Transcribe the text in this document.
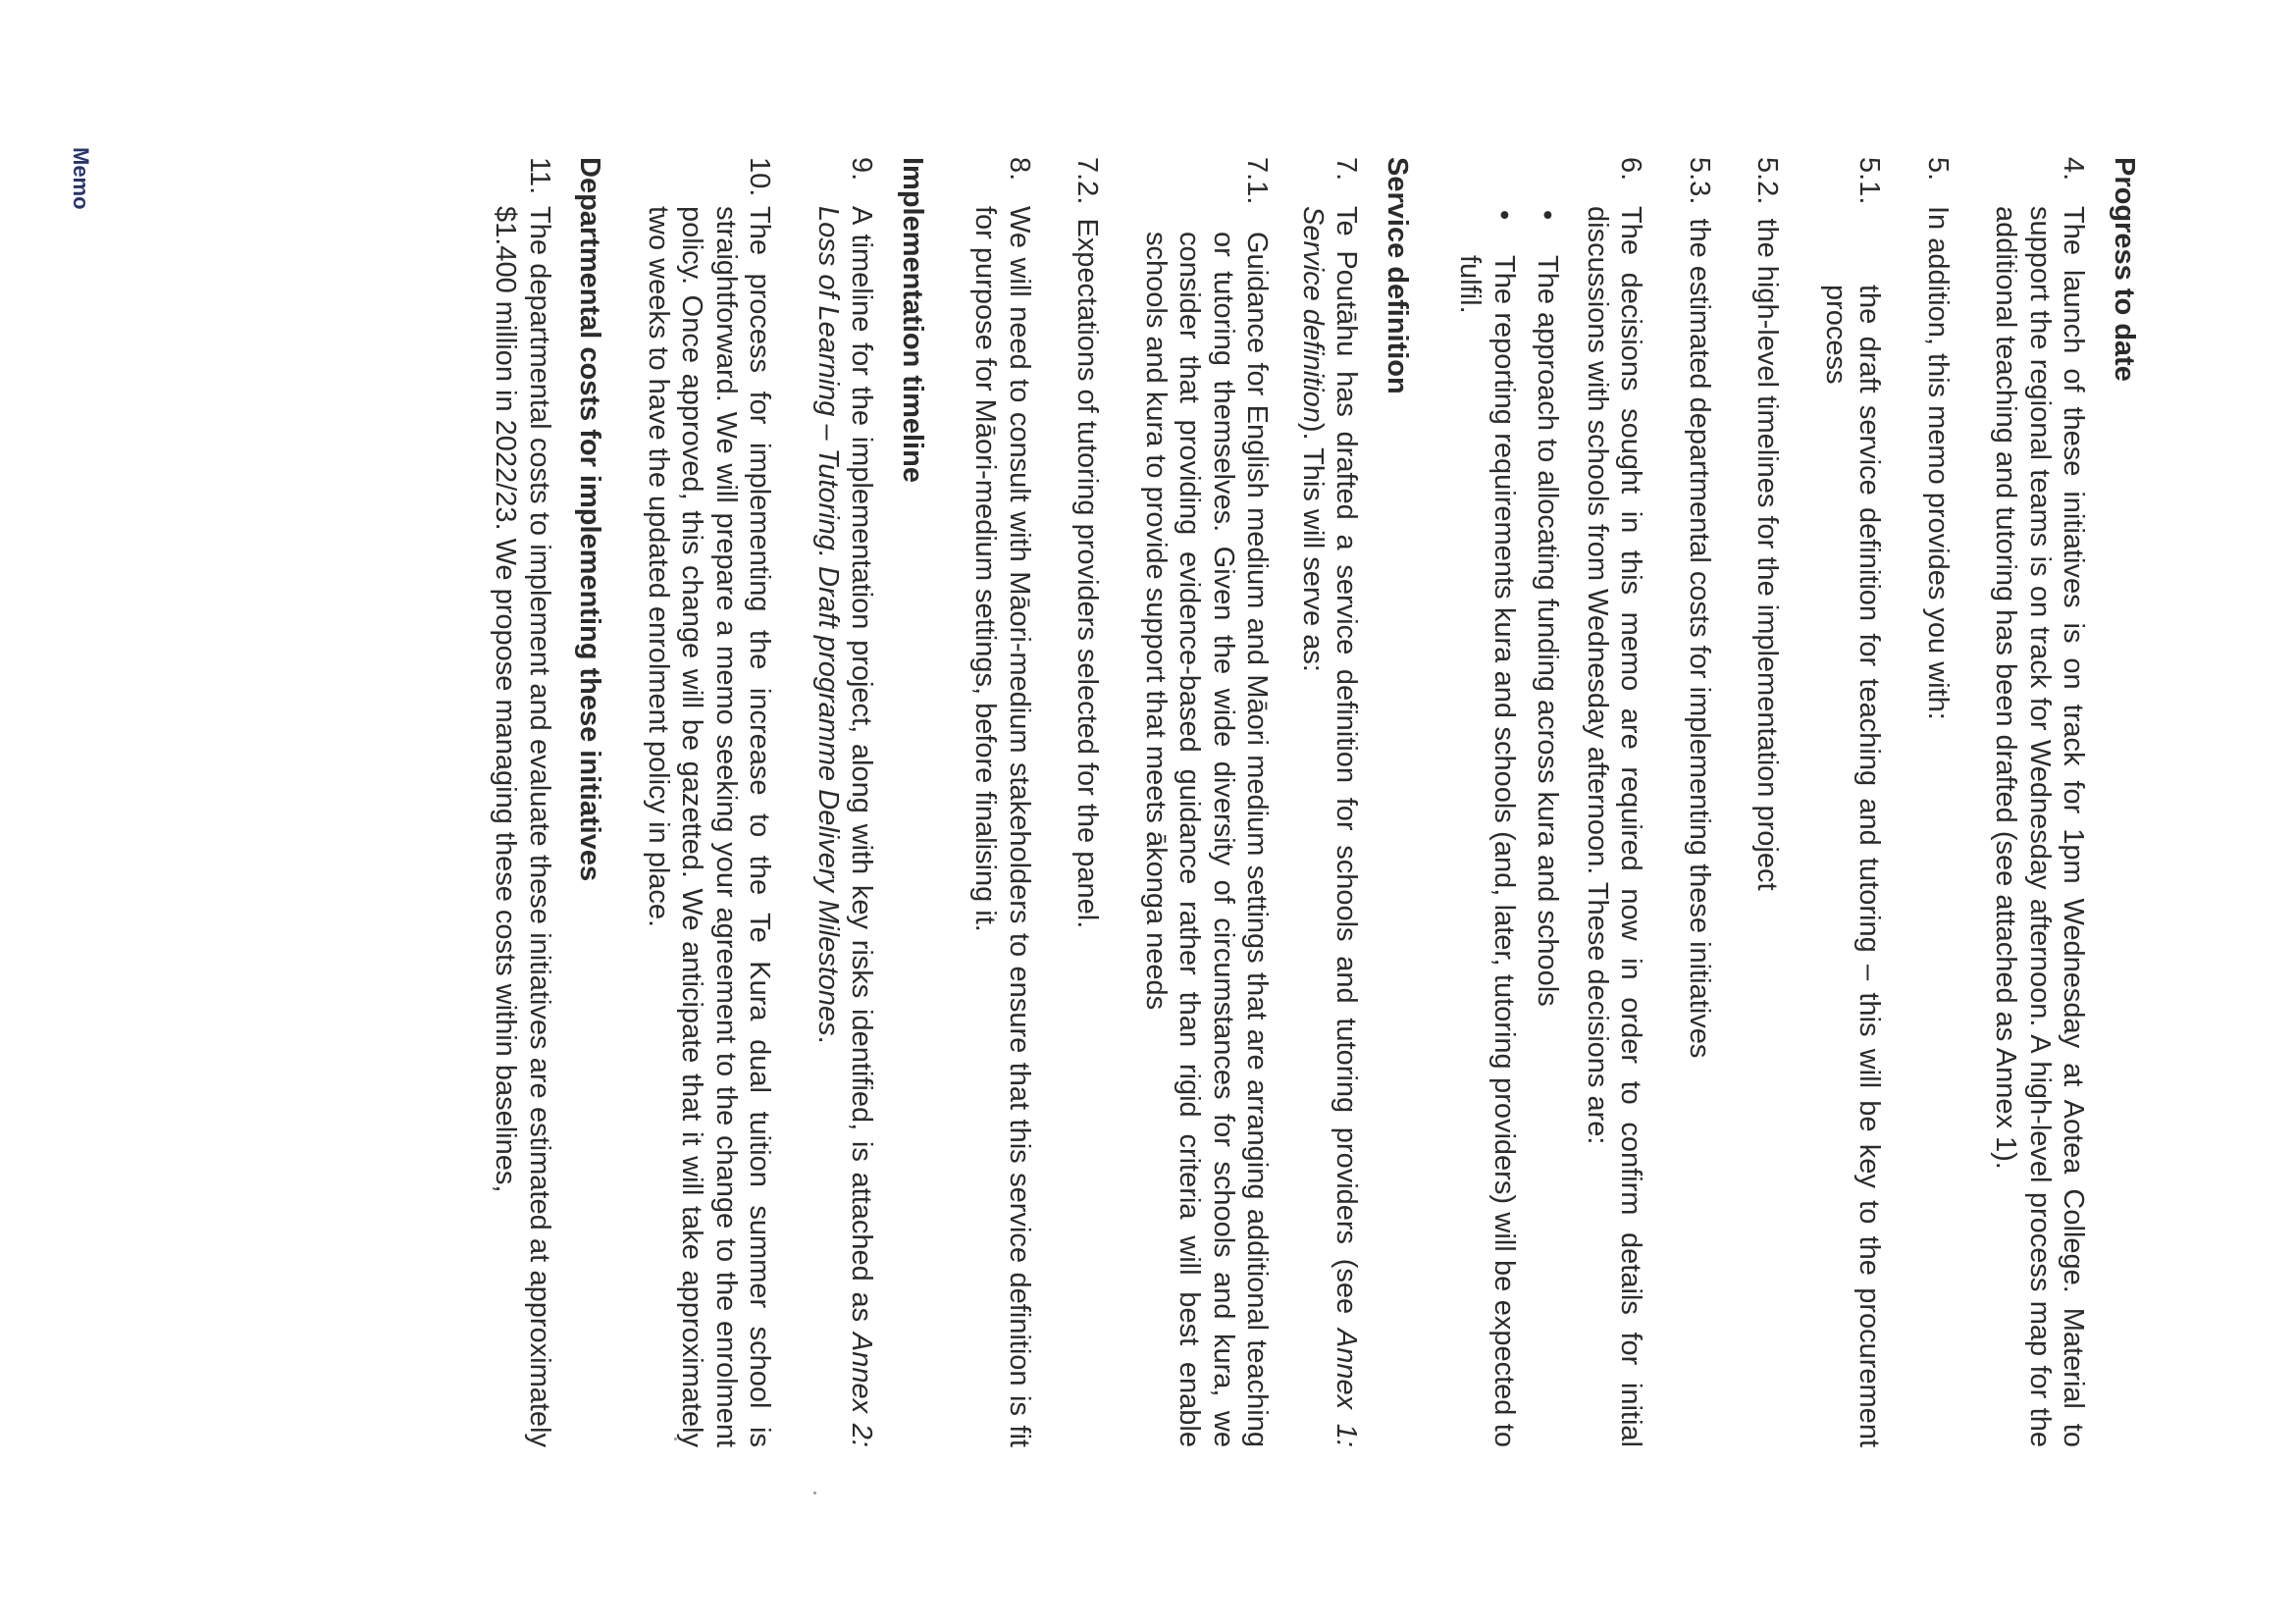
Memo	Progress to date
4.
The launch of these initiatives is on track for 1pm Wednesday at Aotea College. Material to support the regional teams is on track for Wednesday afternoon. A high-level process map for the additional teaching and tutoring has been drafted (see attached as Annex 1).
5.
In addition, this memo provides you with:
5.1.
the draft service definition for teaching and tutoring – this will be key to the procurement process
5.2. the high-level timelines for the implementation project
5.3. the estimated departmental costs for implementing these initiatives
6.
The decisions sought in this memo are required now in order to confirm details for initial discussions with schools from Wednesday afternoon. These decisions are:
•
The approach to allocating funding across kura and schools
•
The reporting requirements kura and schools (and, later, tutoring providers) will be expected to fulfil.
Service definition
7.
Te Poutāhu has drafted a service definition for schools and tutoring providers (see Annex 1: Service definition). This will serve as:
7.1.
Guidance for English medium and Māori medium settings that are arranging additional teaching or tutoring themselves. Given the wide diversity of circumstances for schools and kura, we consider that providing evidence-based guidance rather than rigid criteria will best enable schools and kura to provide support that meets ākonga needs
7.2. Expectations of tutoring providers selected for the panel.
8.
We will need to consult with Māori-medium stakeholders to ensure that this service definition is fit for purpose for Māori-medium settings, before finalising it.
Implementation timeline
9.
A timeline for the implementation project, along with key risks identified, is attached as Annex 2: Loss of Learning – Tutoring. Draft programme Delivery Milestones.
10.
The process for implementing the increase to the Te Kura dual tuition summer school is straightforward. We will prepare a memo seeking your agreement to the change to the enrolment policy. Once approved, this change will be gazetted. We anticipate that it will take approximately two weeks to have the updated enrolment policy in place.
Departmental costs for implementing these initiatives
11.
The departmental costs to implement and evaluate these initiatives are estimated at approximately $1.400 million in 2022/23. We propose managing these costs within baselines,
